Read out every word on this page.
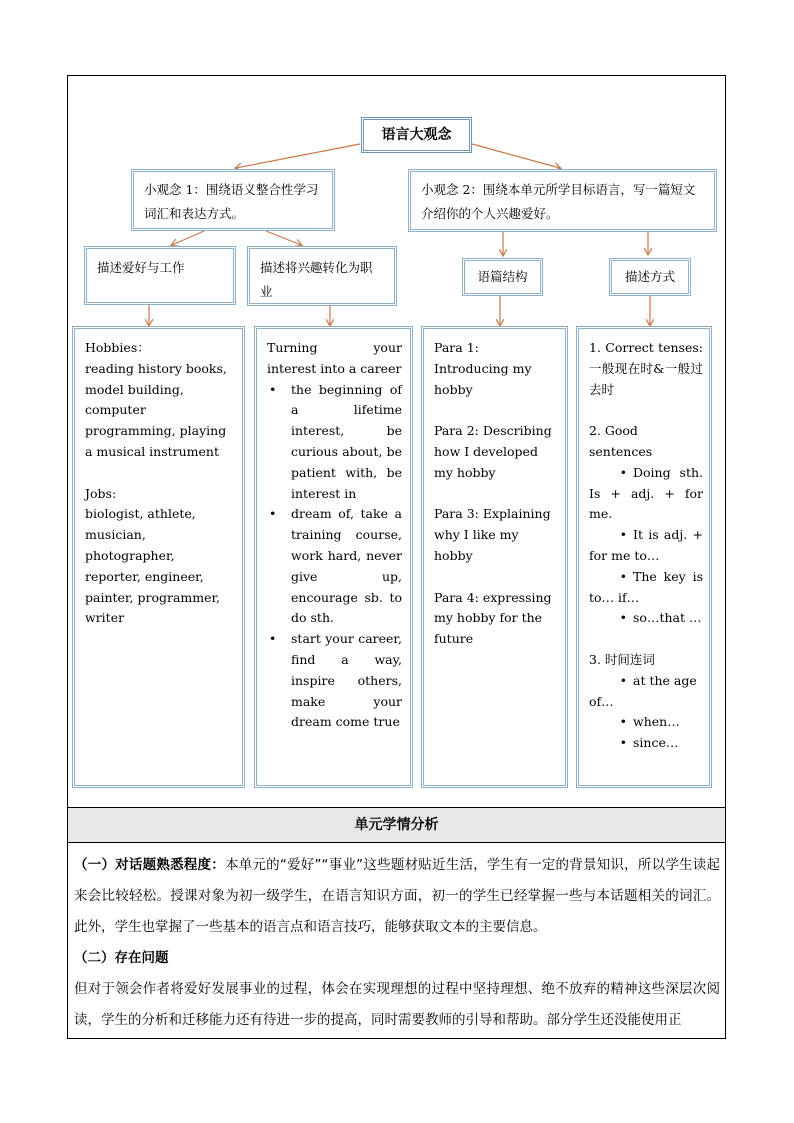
语言大观念
小观念 1：围绕语义整合性学习词汇和表达方式。
小观念 2：围绕本单元所学目标语言，写一篇短文介绍你的个人兴趣爱好。
描述爱好与工作	描述将兴趣转化为职业
语篇结构	描述方式
Hobbies：
reading history books, model building, computer programming, playing a musical instrument
Jobs:
biologist, athlete, musician, photographer, reporter, engineer, painter, programmer, writer
Turning your interest into a career
• the beginning of a lifetime interest, be curious about, be patient with, be interest in
• dream of, take a training course, work hard, never give up, encourage sb. to do sth.
• start your career, find a way, inspire others, make your dream come true
Para 1: Introducing my hobby
Para 2: Describing how I developed my hobby
Para 3: Explaining why I like my hobby
Para 4: expressing my hobby for the future
1. Correct tenses: 一般现在时&一般过去时
2. Good sentences
• Doing sth. Is + adj. + for me.
• It is adj. + for me to…
• The key is to… if…
• so…that …
3. 时间连词
• at the age of…
• when…
• since…
单元学情分析

（一）对话题熟悉程度：本单元的“爱好”“事业”这些题材贴近生活，学生有一定的背景知识，所以学生读起来会比较轻松。授课对象为初一级学生，在语言知识方面，初一的学生已经掌握一些与本话题相关的词汇。此外，学生也掌握了一些基本的语言点和语言技巧，能够获取文本的主要信息。

（二）存在问题

但对于领会作者将爱好发展事业的过程，体会在实现理想的过程中坚持理想、绝不放弃的精神这些深层次阅读，学生的分析和迁移能力还有待进一步的提高，同时需要教师的引导和帮助。部分学生还没能使用正
